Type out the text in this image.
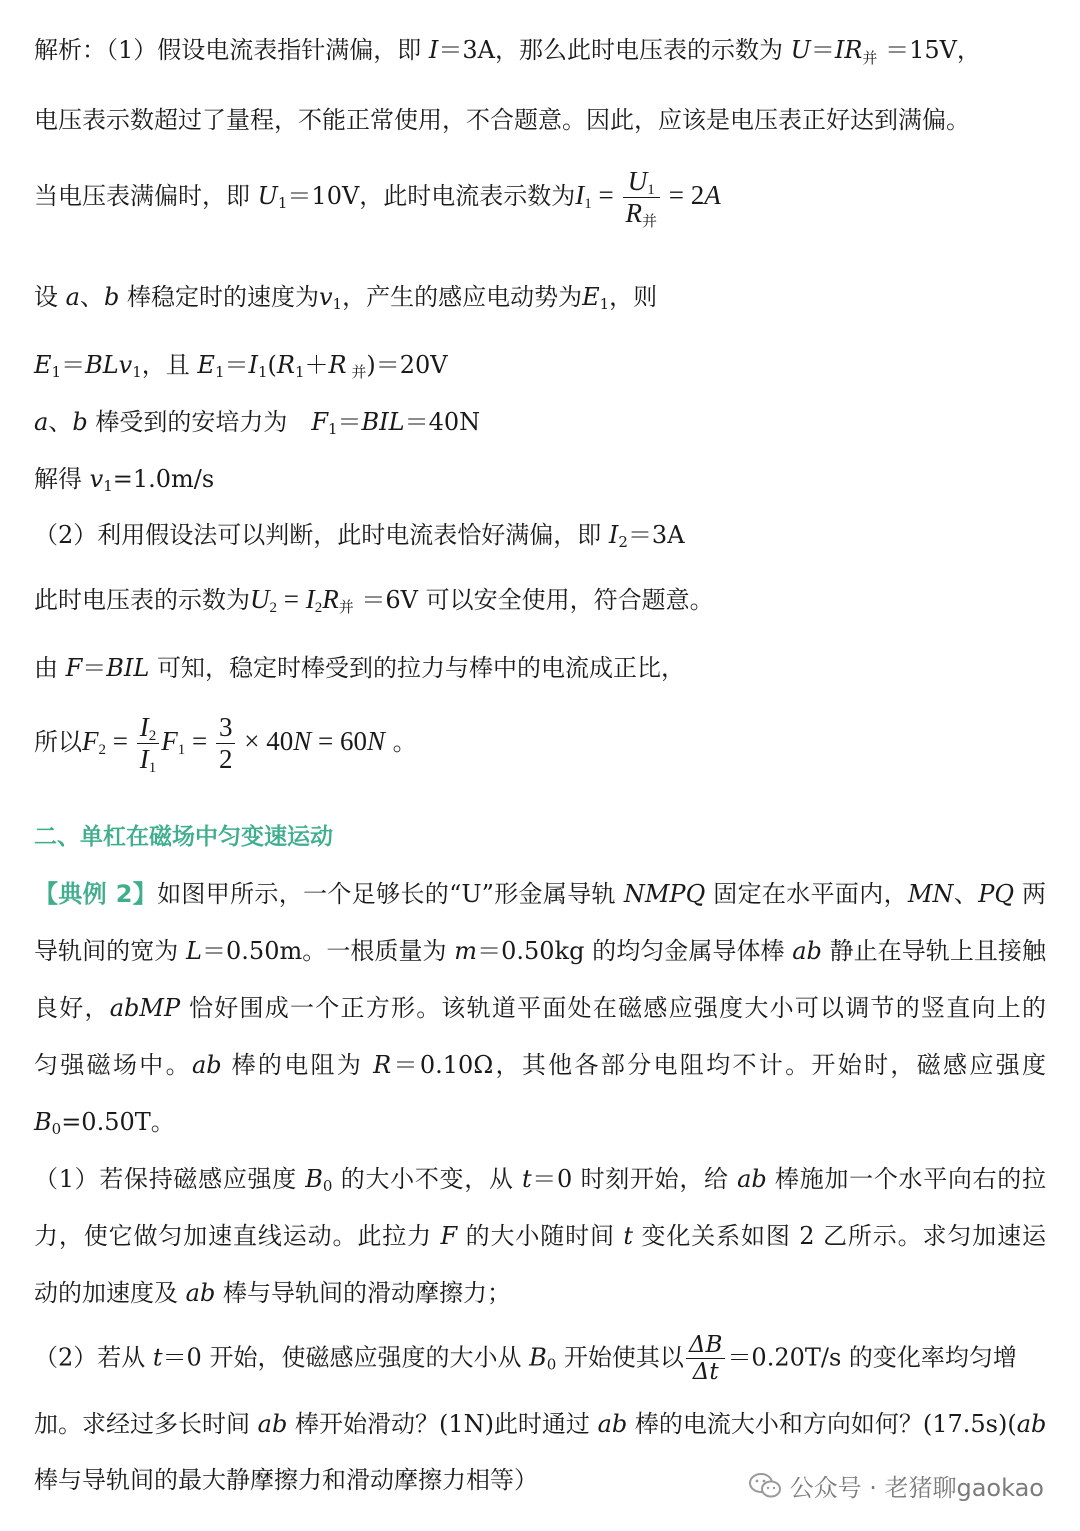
解析：（1）假设电流表指针满偏，即 I＝3A，那么此时电压表的示数为 $U=IR_并 =15V$，
电压表示数超过了量程，不能正常使用，不合题意。因此，应该是电压表正好达到满偏。
当电压表满偏时，即 $U_1=10V$，此时电流表示数为$I_1 = \frac{U_1}{R_并} = 2A$
设 a、b 棒稳定时的速度为$v_1$，产生的感应电动势为$E_1$，则
$E_1=BLv_1$，且 $E_1=I_1(R_1+R$ $_并$)＝20V
a、b 棒受到的安培力为　$F_1=BIL=40N$
解得 $v_1=1.0m/s$
（2）利用假设法可以判断，此时电流表恰好满偏，即 $I_2=3A$
此时电压表的示数为$U_2 = I_2R_并 =6V$ 可以安全使用，符合题意。
由 F＝BIL 可知，稳定时棒受到的拉力与棒中的电流成正比，
所以$F_2 = \frac{I_2}{I_1} F_1 = \frac{3}{2} \times 40N = 60N$ 。
二、单杠在磁场中匀变速运动
【典例 2】如图甲所示，一个足够长的“U”形金属导轨 NMPQ 固定在水平面内，MN、PQ 两
导轨间的宽为 L＝0.50m。一根质量为 m＝0.50kg 的均匀金属导体棒 ab 静止在导轨上且接触
良好，abMP 恰好围成一个正方形。该轨道平面处在磁感应强度大小可以调节的竖直向上的
匀强磁场中。ab 棒的电阻为 R＝0.10Ω，其他各部分电阻均不计。开始时，磁感应强度
$B_0=0.50T$。
（1）若保持磁感应强度 $B_0$ 的大小不变，从 t＝0 时刻开始，给 ab 棒施加一个水平向右的拉
力，使它做匀加速直线运动。此拉力 F 的大小随时间 t 变化关系如图 2 乙所示。求匀加速运
动的加速度及 ab 棒与导轨间的滑动摩擦力；
（2）若从 t＝0 开始，使磁感应强度的大小从 $B_0$ 开始使其以 $\frac{\Delta B}{\Delta t} =0.20T/s$ 的变化率均匀增
加。求经过多长时间 ab 棒开始滑动？(1N)此时通过 ab 棒的电流大小和方向如何？(17.5s)(ab
棒与导轨间的最大静摩擦力和滑动摩擦力相等）	公众号 · 老猪聊gaokao
